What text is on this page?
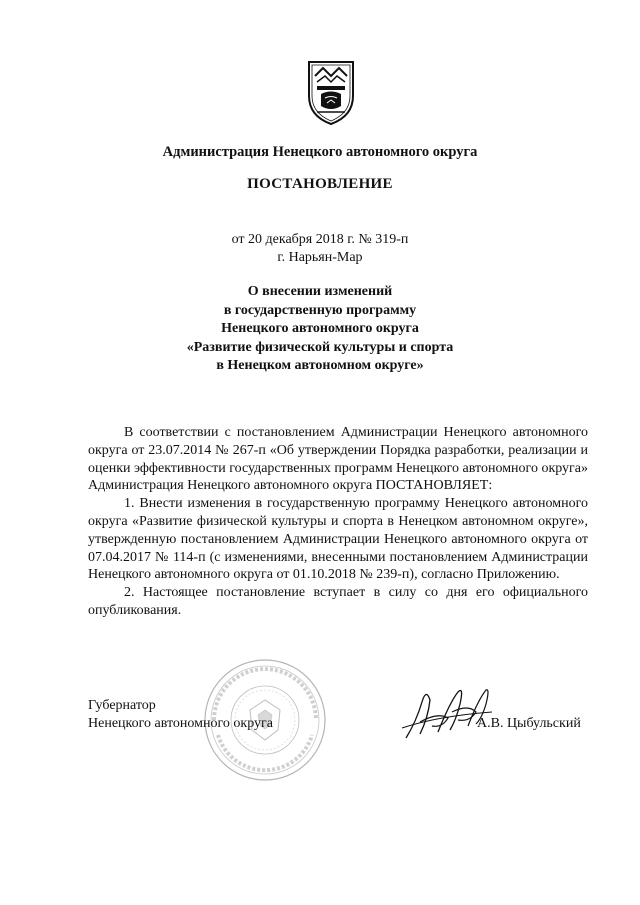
Администрация Ненецкого автономного округа
ПОСТАНОВЛЕНИЕ
от 20 декабря 2018 г. № 319-п
г. Нарьян-Мар
О внесении изменений
в государственную программу
Ненецкого автономного округа
«Развитие физической культуры и спорта
в Ненецком автономном округе»

В соответствии с постановлением Администрации Ненецкого автономного округа от 23.07.2014 № 267-п «Об утверждении Порядка разработки, реализации и оценки эффективности государственных программ Ненецкого автономного округа» Администрация Ненецкого автономного округа ПОСТАНОВЛЯЕТ:

1. Внести изменения в государственную программу Ненецкого автономного округа «Развитие физической культуры и спорта в Ненецком автономном округе», утвержденную постановлением Администрации Ненецкого автономного округа от 07.04.2017 № 114-п (с изменениями, внесенными постановлением Администрации Ненецкого автономного округа от 01.10.2018 № 239-п), согласно Приложению.

2. Настоящее постановление вступает в силу со дня его официального опубликования.

Губернатор
Ненецкого автономного округа	А.В. Цыбульский
